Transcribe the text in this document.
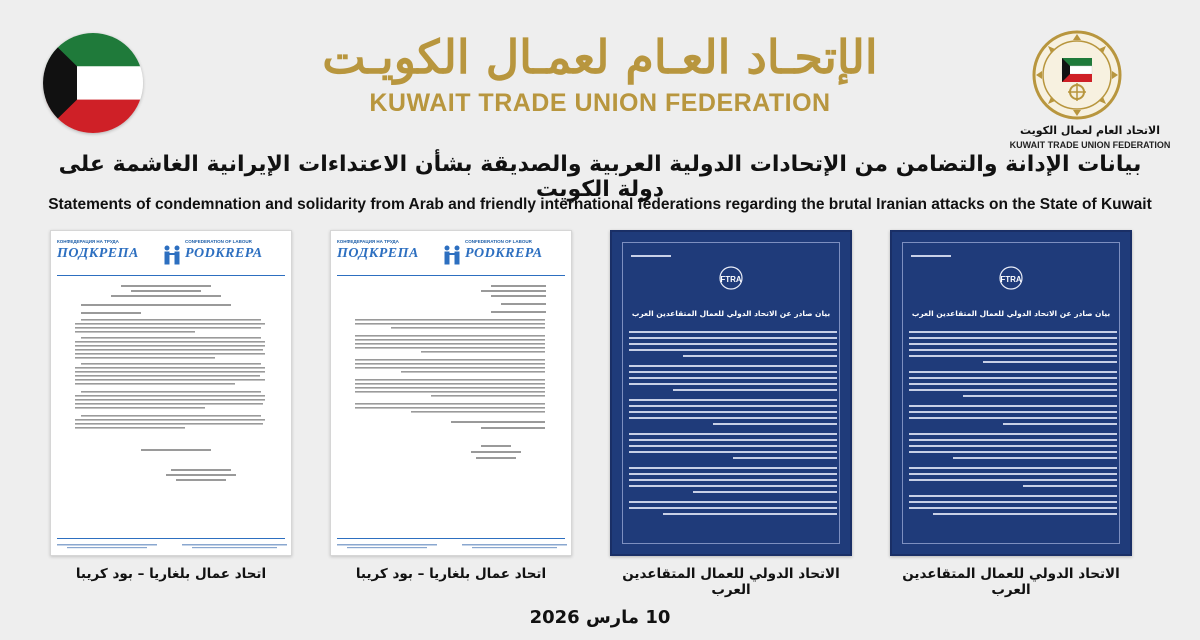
الإتحـاد العـام لعمـال الكويـت
KUWAIT TRADE UNION FEDERATION
الاتحاد العام لعمال الكويت
KUWAIT TRADE UNION FEDERATION
بيانات الإدانة والتضامن من الإتحادات الدولية العربية والصديقة بشأن الاعتداءات الإيرانية الغاشمة على دولة الكويت
Statements of condemnation and solidarity from Arab and friendly international federations regarding the brutal Iranian attacks on the State of Kuwait
КОНФЕДЕРАЦИЯ НА ТРУДА
ПОДКРЕПА
CONFEDERATION OF LABOUR
PODKREPA
КОНФЕДЕРАЦИЯ НА ТРУДА
ПОДКРЕПА
CONFEDERATION OF LABOUR
PODKREPA
FTRA
بيان صادر عن الاتحاد الدولي للعمال المتقاعدين العرب
FTRA
بيان صادر عن الاتحاد الدولي للعمال المتقاعدين العرب
اتحاد عمال بلغاريا – بود كريبا	اتحاد عمال بلغاريا – بود كريبا	الاتحاد الدولي للعمال المتقاعدين العرب
الاتحاد الدولي للعمال المتقاعدين العرب
10 مارس 2026
